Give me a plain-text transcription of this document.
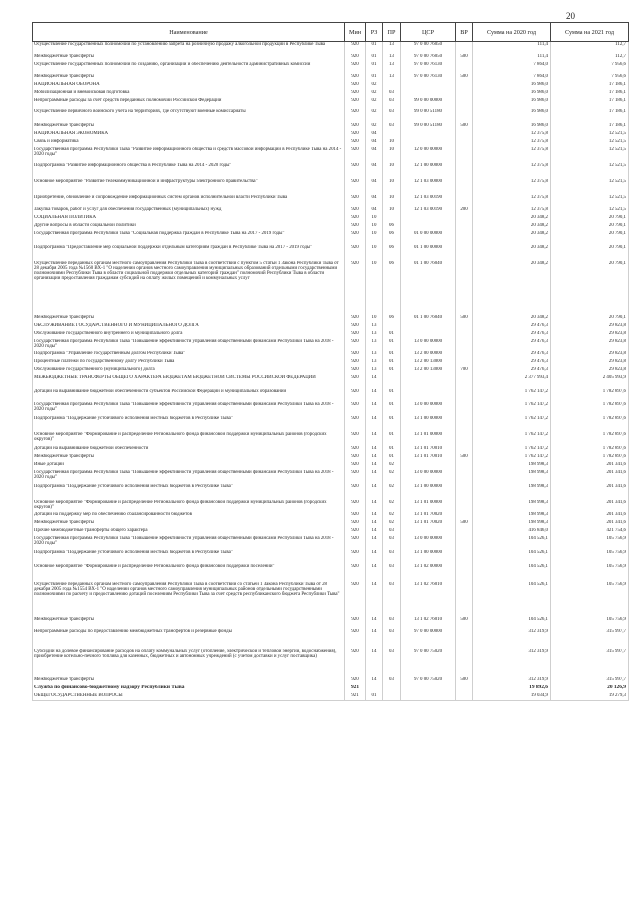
20
Наименование	Мин	РЗ	ПР	ЦСР	ВР	Сумма на 2020 год	Сумма на 2021 год
Осуществление государственных полномочий по установлению запрета на розничную продажу алкогольной продукции в Республике Тыва	920	01	13	97 0 00 76050		111,4	112,7
Межбюджетные трансферты	920	01	13	97 0 00 76050	500	111,4	112,7
Осуществление государственных полномочий по созданию, организации и обеспечению деятельности административных комиссий	920	01	13	97 0 00 76130		7 864,0	7 956,6
Межбюджетные трансферты	920	01	13	97 0 00 76130	500	7 864,0	7 956,6
НАЦИОНАЛЬНАЯ ОБОРОНА	920	02				16 986,0	17 186,1
Мобилизационная и вневойсковая подготовка	920	02	03			16 986,0	17 186,1
Непрограммные расходы за счет средств переданных полномочий Российской Федерации	920	02	03	99 0 00 00000		16 986,0	17 186,1
Осуществление первичного воинского учета на территориях, где отсутствуют военные комиссариаты	920	02	03	99 0 00 51180		16 986,0	17 186,1
Межбюджетные трансферты	920	02	03	99 0 00 51180	500	16 986,0	17 186,1
НАЦИОНАЛЬНАЯ ЭКОНОМИКА	920	04				12 375,8	12 521,5
Связь и информатика	920	04	10			12 375,8	12 521,5
Государственная программа Республики Тыва "Развитие информационного общества и средств массовой информации в Республике Тыва на 2014 - 2020 годы"	920	04	10	12 0 00 00000		12 375,8	12 521,5
Подпрограмма "Развитие информационного общества в Республике Тыва на 2014 - 2020 годы"	920	04	10	12 1 00 00000		12 375,8	12 521,5
Основное мероприятие "Развитие телекоммуникационной и инфраструктуры электронного правительства"	920	04	10	12 1 03 00000		12 375,8	12 521,5
Приобретение, обновление и сопровождение информационных систем органов исполнительной власти Республики Тыва	920	04	10	12 1 03 00190		12 375,8	12 521,5
Закупка товаров, работ и услуг для обеспечения государственных (муниципальных) нужд	920	04	10	12 1 03 00190	200	12 375,8	12 521,5
СОЦИАЛЬНАЯ ПОЛИТИКА	920	10				20 348,2	20 790,1
Другие вопросы в области социальной политики	920	10	06			20 348,2	20 790,1
Государственная программа Республики Тыва "Социальная поддержка граждан в Республике Тыва на 2017 - 2019 годы"	920	10	06	01 0 00 00000		20 348,2	20 790,1
Подпрограмма "Предоставление мер социальной поддержки отдельным категориям граждан в Республике Тыва на 2017 - 2019 годы"	920	10	06	01 1 00 00000		20 348,2	20 790,1
Осуществление переданных органам местного самоуправления Республики Тыва в соответствии с пунктом 5 статьи 1 Закона Республики Тыва от 28 декабря 2005 года №1560 ВХ-1 "О наделении органов местного самоуправления муниципальных образований отдельными государственными полномочиями Республики Тыва в области социальной поддержки отдельных категорий граждан" полномочий Республики Тыва в области организации предоставления гражданам субсидий на оплату жилых помещений и коммунальных услуг	920	10	06	01 1 00 76040		20 348,2	20 790,1
Межбюджетные трансферты	920	10	06	01 1 00 76040	500	20 348,2	20 790,1
ОБСЛУЖИВАНИЕ ГОСУДАРСТВЕННОГО И МУНИЦИПАЛЬНОГО ДОЛГА	920	13				29 476,3	29 823,8
Обслуживание государственного внутреннего и муниципального долга	920	13	01			29 476,3	29 823,8
Государственная программа Республики Тыва "Повышение эффективности управления общественными финансами Республики Тыва на 2018 - 2020 годы"	920	13	01	13 0 00 00000		29 476,3	29 823,8
Подпрограмма "Управление государственным долгом Республики Тыва"	920	13	01	13 2 00 00000		29 476,3	29 823,8
Процентные платежи по государственному долгу Республики Тыва	920	13	01	13 2 00 13000		29 476,3	29 823,8
Обслуживание государственного (муниципального) долга	920	13	01	13 2 00 13000	700	29 476,3	29 823,8
МЕЖБЮДЖЕТНЫЕ ТРАНСФЕРТЫ ОБЩЕГО ХАРАКТЕРА БЮДЖЕТАМ БЮДЖЕТНОЙ СИСТЕМЫ РОССИЙСКОЙ ФЕДЕРАЦИИ	920	14				2 377 993,4	2 405 993,9
Дотации на выравнивание бюджетной обеспеченности субъектов Российской Федерации и муниципальных образований	920	14	01			1 762 147,2	1 782 897,6
Государственная программа Республики Тыва "Повышение эффективности управления общественными финансами Республики Тыва на 2018 - 2020 годы"	920	14	01	13 0 00 00000		1 762 147,2	1 782 897,6
Подпрограмма "Поддержание устойчивого исполнения местных бюджетов в Республике Тыва"	920	14	01	13 1 00 00000		1 762 147,2	1 782 897,6
Основное мероприятие "Формирование и распределение Регионального фонда финансовой поддержки муниципальных районов (городских округов)"	920	14	01	13 1 01 00000		1 762 147,2	1 782 897,6
Дотации на выравнивание бюджетной обеспеченности	920	14	01	13 1 01 70010		1 762 147,2	1 782 897,6
Межбюджетные трансферты	920	14	01	13 1 01 70010	500	1 762 147,2	1 782 897,6
Иные дотации	920	14	02			198 998,3	201 341,6
Государственная программа Республики Тыва "Повышение эффективности управления общественными финансами Республики Тыва на 2018 - 2020 годы"	920	14	02	13 0 00 00000		198 998,3	201 341,6
Подпрограмма "Поддержание устойчивого исполнения местных бюджетов в Республике Тыва"	920	14	02	13 1 00 00000		198 998,3	201 341,6
Основное мероприятие "Формирование и распределение Регионального фонда финансовой поддержки муниципальных районов (городских округов)"	920	14	02	13 1 01 00000		198 998,3	201 341,6
Дотации на поддержку мер по обеспечению сбалансированности бюджетов	920	14	02	13 1 01 70020		198 998,3	201 341,6
Межбюджетные трансферты	920	14	02	13 1 01 70020	500	198 998,3	201 341,6
Прочие межбюджетные трансферты общего характера	920	14	03			416 846,0	421 754,6
Государственная программа Республики Тыва "Повышение эффективности управления общественными финансами Республики Тыва на 2018 - 2020 годы"	920	14	03	13 0 00 00000		104 526,1	105 756,9
Подпрограмма "Поддержание устойчивого исполнения местных бюджетов в Республике Тыва"	920	14	03	13 1 00 00000		104 526,1	105 756,9
Основное мероприятие "Формирование и распределение Регионального фонда финансовой поддержки поселений"	920	14	03	13 1 02 00000		104 526,1	105 756,9
Осуществление переданных органам местного самоуправления Республики Тыва в соответствии со статьей 1 Закона Республики Тыва от 28 декабря 2005 года №1554 ВХ-1 "О наделении органов местного самоуправления муниципальных районов отдельными государственными полномочиями по расчету и предоставлению дотаций поселениям Республики Тыва за счет средств республиканского бюджета Республики Тыва"	920	14	03	13 1 02 76010		104 526,1	105 756,9
Межбюджетные трансферты	920	14	03	13 1 02 76010	500	104 526,1	105 756,9
Непрограммные расходы по предоставлению межбюджетных трансфертов и резервные фонды	920	14	03	97 0 00 00000		312 319,9	315 997,7
Субсидии на долевое финансирование расходов на оплату коммунальных услуг (отопление, электрической и тепловой энергии, водоснабжения), приобретение котельно-печного топлива для казенных, бюджетных и автономных учреждений (с учетом доставки и услуг поставщика)	920	14	03	97 0 00 75020		312 319,9	315 997,7
Межбюджетные трансферты	920	14	03	97 0 00 75020	500	312 319,9	315 997,7
Служба по финансово-бюджетному надзору Республики Тыва	921					19 892,6	20 126,9
ОБЩЕГОСУДАРСТВЕННЫЕ ВОПРОСЫ	921	01				19 034,9	19 279,3
